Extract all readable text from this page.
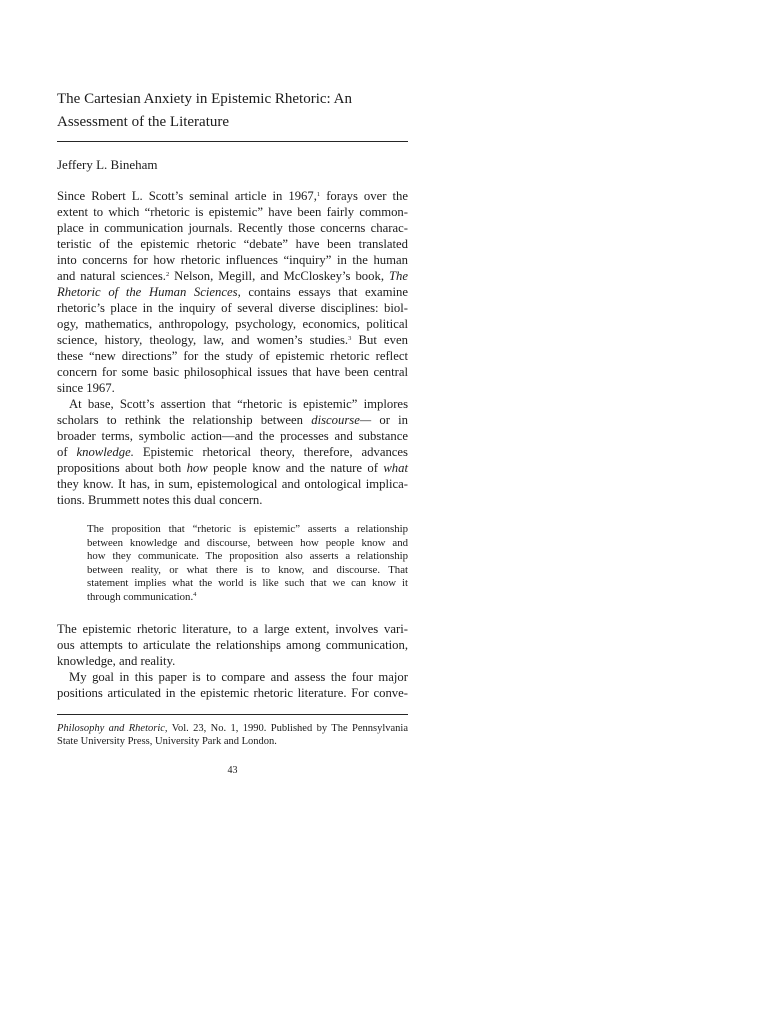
The Cartesian Anxiety in Epistemic Rhetoric: An
Assessment of the Literature
Jeffery L. Bineham
Since Robert L. Scott’s seminal article in 1967,$^1$ forays over the
extent to which “rhetoric is epistemic” have been fairly common-
place in communication journals. Recently those concerns charac-
teristic of the epistemic rhetoric “debate” have been translated
into concerns for how rhetoric influences “inquiry” in the human
and natural sciences.$^2$ Nelson, Megill, and McCloskey’s book, The
Rhetoric of the Human Sciences, contains essays that examine
rhetoric’s place in the inquiry of several diverse disciplines: biol-
ogy, mathematics, anthropology, psychology, economics, political
science, history, theology, law, and women’s studies.$^3$ But even
these “new directions” for the study of epistemic rhetoric reflect
concern for some basic philosophical issues that have been central
since 1967.
At base, Scott’s assertion that “rhetoric is epistemic” implores
scholars to rethink the relationship between discourse— or in
broader terms, symbolic action—and the processes and substance
of knowledge. Epistemic rhetorical theory, therefore, advances
propositions about both how people know and the nature of what
they know. It has, in sum, epistemological and ontological implica-
tions. Brummett notes this dual concern.
The proposition that “rhetoric is epistemic” asserts a relationship
between knowledge and discourse, between how people know and
how they communicate. The proposition also asserts a relationship
between reality, or what there is to know, and discourse. That
statement implies what the world is like such that we can know it
through communication.$^4$
The epistemic rhetoric literature, to a large extent, involves vari-
ous attempts to articulate the relationships among communication,
knowledge, and reality.
My goal in this paper is to compare and assess the four major
positions articulated in the epistemic rhetoric literature. For conve-
Philosophy and Rhetoric, Vol. 23, No. 1, 1990. Published by The Pennsylvania
State University Press, University Park and London.
43
